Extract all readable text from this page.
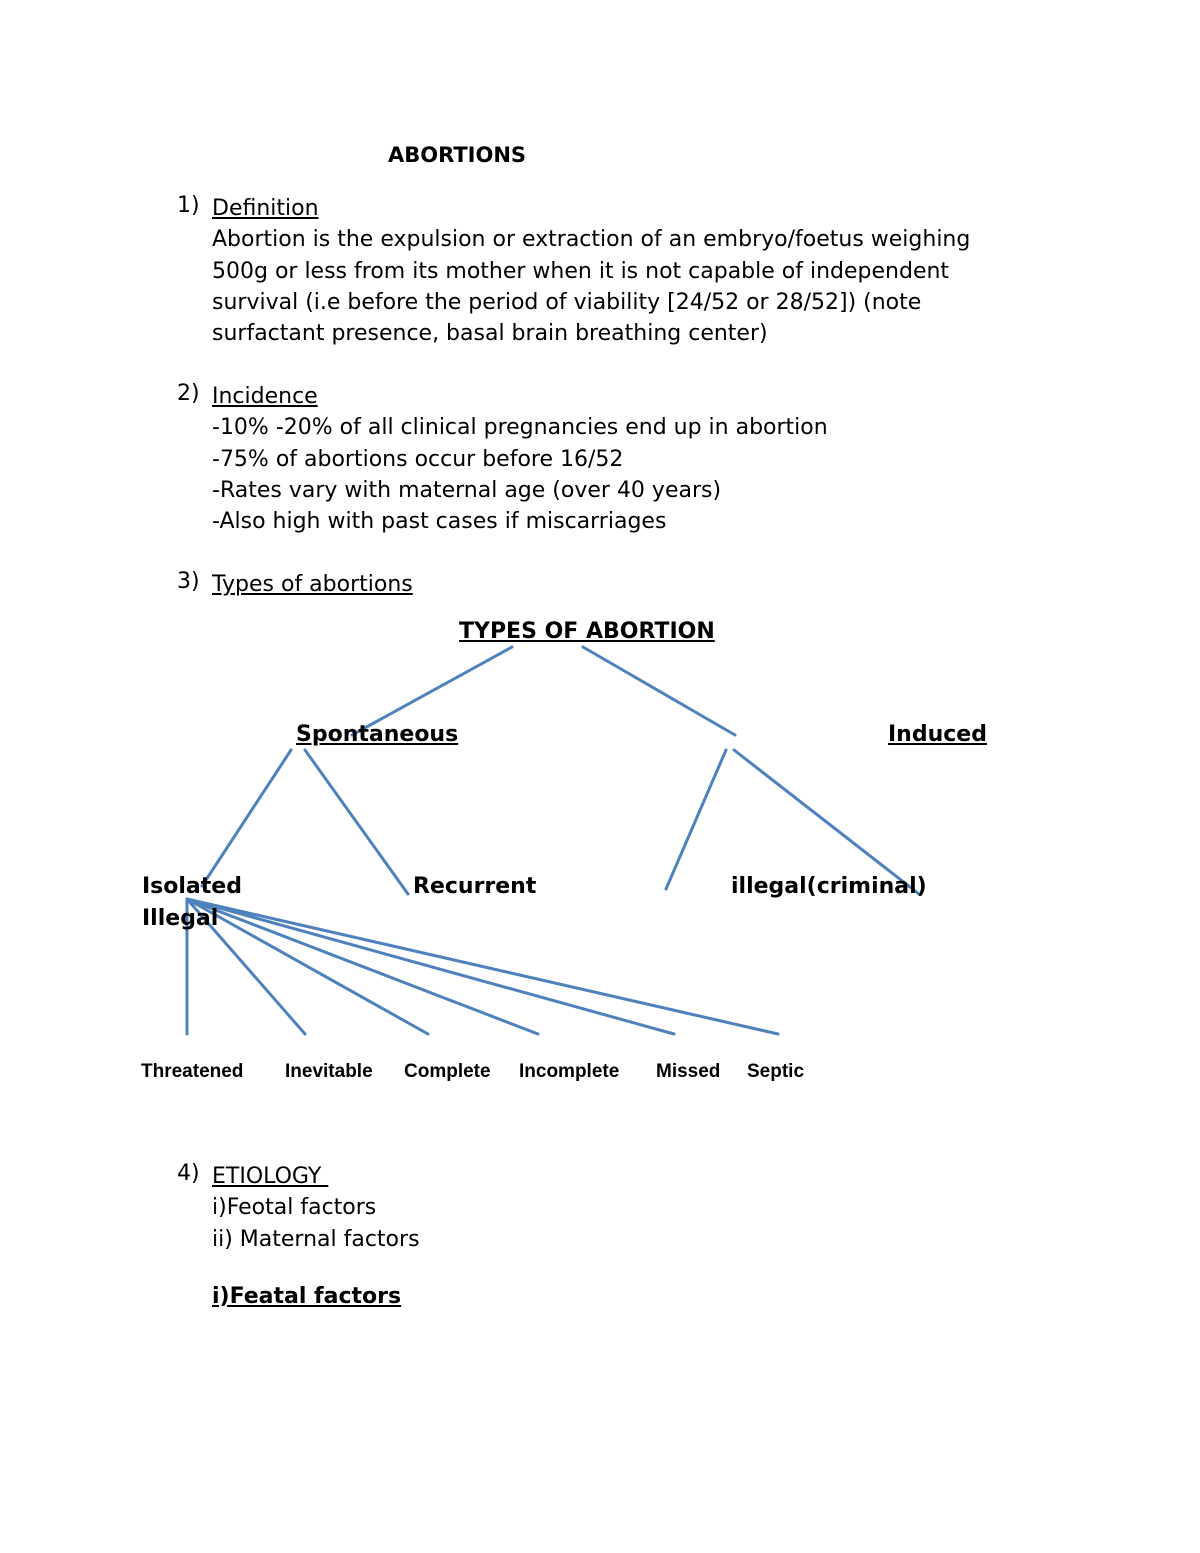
ABORTIONS
1) Definition
Abortion is the expulsion or extraction of an embryo/foetus weighing
500g or less from its mother when it is not capable of independent
survival (i.e before the period of viability [24/52 or 28/52]) (note
surfactant presence, basal brain breathing center)
2) Incidence
-10% -20% of all clinical pregnancies end up in abortion
-75% of abortions occur before 16/52
-Rates vary with maternal age (over 40 years)
-Also high with past cases if miscarriages
3) Types of abortions
TYPES OF ABORTION
Spontaneous	Induced
Isolated
Illegal
Recurrent	illegal(criminal)
Threatened Inevitable Complete Incomplete Missed Septic
4) ETIOLOGY
i)Feotal factors
ii) Maternal factors
i)Featal factors
